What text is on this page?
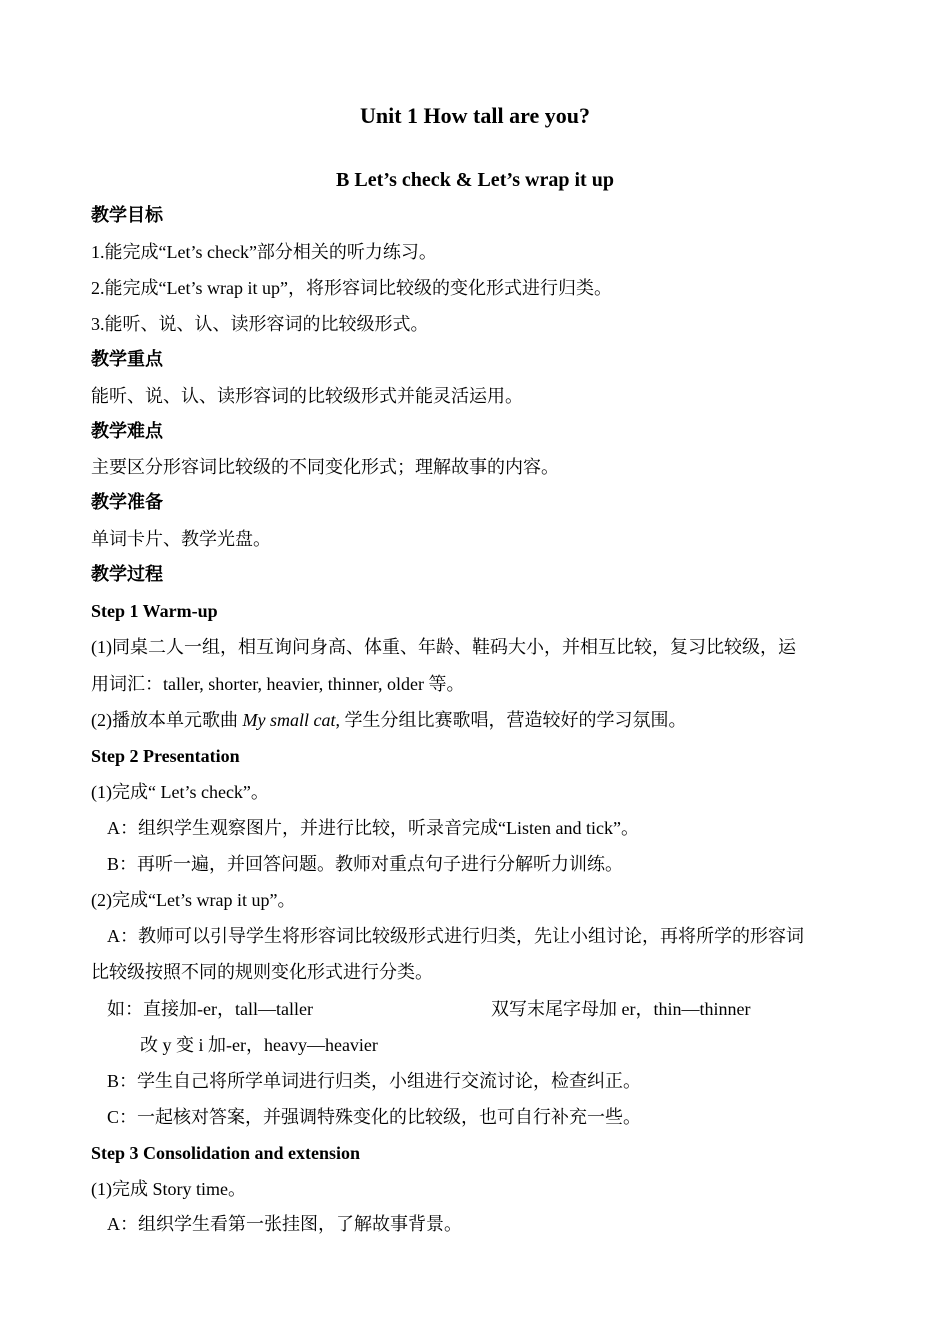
Unit 1 How tall are you?
B Let’s check & Let’s wrap it up
教学目标
1.能完成“Let’s check”部分相关的听力练习。
2.能完成“Let’s wrap it up”，将形容词比较级的变化形式进行归类。
3.能听、说、认、读形容词的比较级形式。
教学重点
能听、说、认、读形容词的比较级形式并能灵活运用。
教学难点
主要区分形容词比较级的不同变化形式；理解故事的内容。
教学准备
单词卡片、教学光盘。
教学过程
Step 1 Warm-up
(1)同桌二人一组，相互询问身高、体重、年龄、鞋码大小，并相互比较，复习比较级，运
用词汇：taller, shorter, heavier, thinner, older 等。
(2)播放本单元歌曲 My small cat, 学生分组比赛歌唱，营造较好的学习氛围。
Step 2 Presentation
(1)完成“ Let’s check”。
A：组织学生观察图片，并进行比较，听录音完成“Listen and tick”。
B：再听一遍，并回答问题。教师对重点句子进行分解听力训练。
(2)完成“Let’s wrap it up”。
A：教师可以引导学生将形容词比较级形式进行归类，先让小组讨论，再将所学的形容词
比较级按照不同的规则变化形式进行分类。
如：直接加-er，tall—taller	双写末尾字母加 er，thin—thinner
改 y 变 i 加-er，heavy—heavier
B：学生自己将所学单词进行归类，小组进行交流讨论，检查纠正。
C：一起核对答案，并强调特殊变化的比较级，也可自行补充一些。
Step 3 Consolidation and extension
(1)完成 Story time。
A：组织学生看第一张挂图，了解故事背景。
